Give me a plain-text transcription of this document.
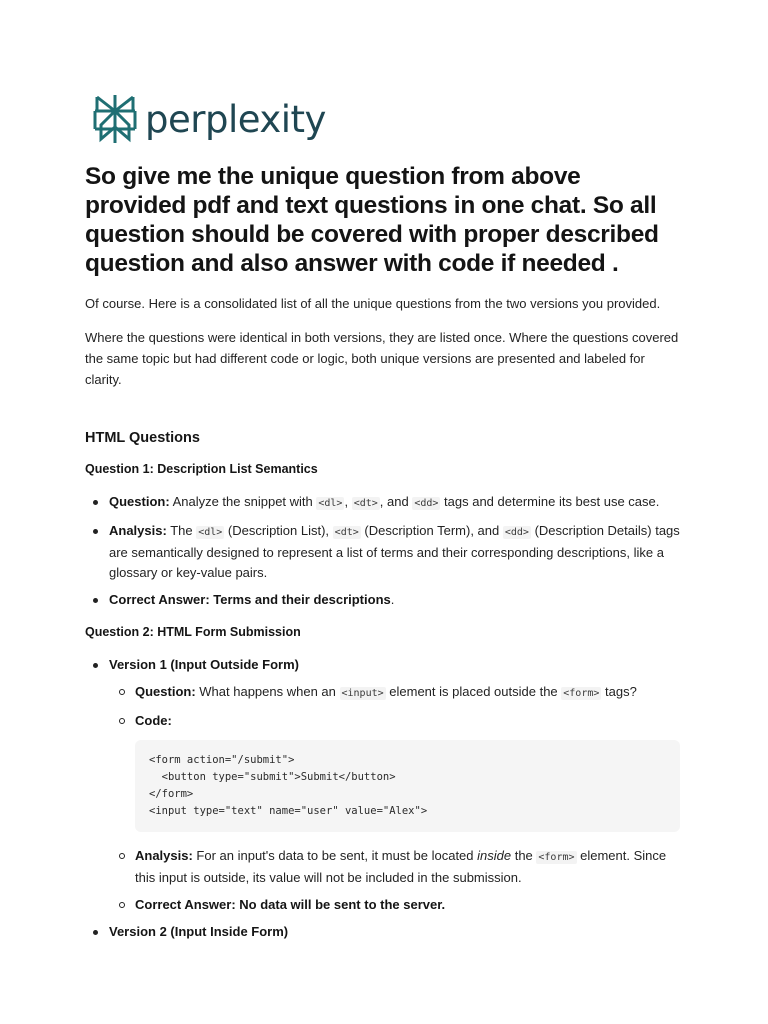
perplexity
So give me the unique question from above provided pdf and text questions in one chat. So all question should be covered with proper described question and also answer with code if needed .

Of course. Here is a consolidated list of all the unique questions from the two versions you provided.

Where the questions were identical in both versions, they are listed once. Where the questions covered the same topic but had different code or logic, both unique versions are presented and labeled for clarity.

HTML Questions
Question 1: Description List Semantics
Question: Analyze the snippet with <dl> , <dt> , and <dd> tags and determine its best use case.
Analysis: The <dl> (Description List), <dt> (Description Term), and <dd> (Description Details) tags are semantically designed to represent a list of terms and their corresponding descriptions, like a glossary or key-value pairs.
Correct Answer: Terms and their descriptions.
Question 2: HTML Form Submission
Version 1 (Input Outside Form)
Question: What happens when an <input> element is placed outside the <form> tags?
Code:
<form action="/submit">
<button type="submit">Submit</button>
</form>
<input type="text" name="user" value="Alex">
Analysis: For an input's data to be sent, it must be located inside the <form> element. Since this input is outside, its value will not be included in the submission.
Correct Answer: No data will be sent to the server.
Version 2 (Input Inside Form)
